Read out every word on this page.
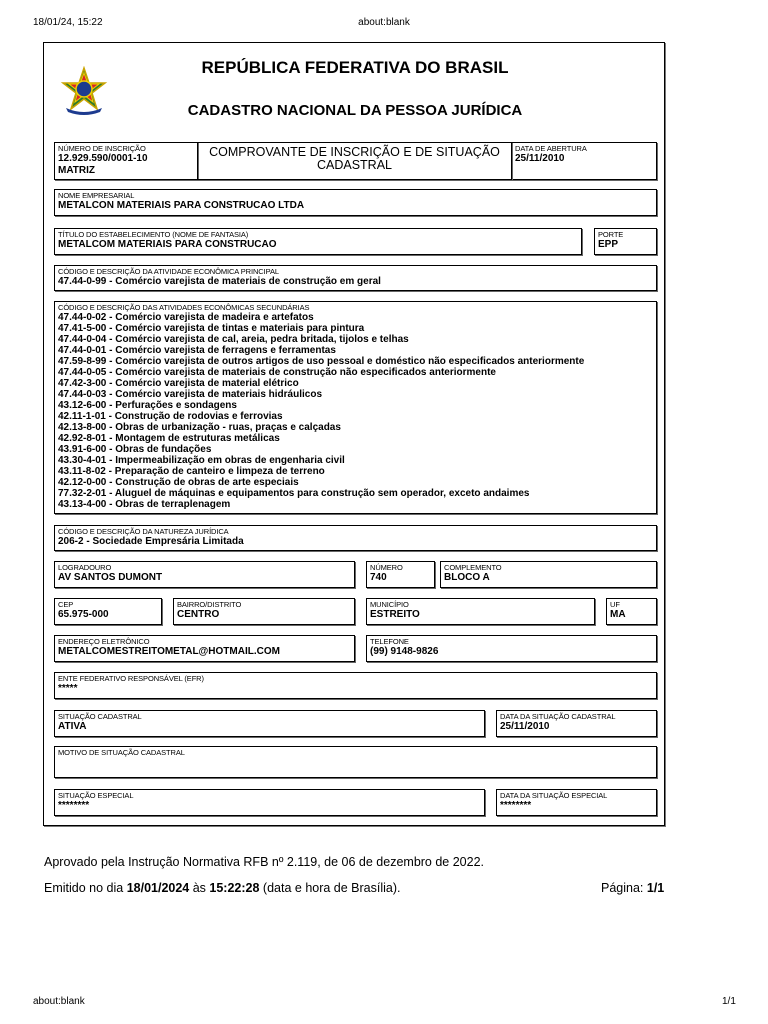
18/01/24, 15:22	about:blank
REPÚBLICA FEDERATIVA DO BRASIL
CADASTRO NACIONAL DA PESSOA JURÍDICA
NÚMERO DE INSCRIÇÃO
12.929.590/0001-10
MATRIZ
DATA DE ABERTURA
25/11/2010
NOME EMPRESARIAL
METALCON MATERIAIS PARA CONSTRUCAO LTDA
TÍTULO DO ESTABELECIMENTO (NOME DE FANTASIA)
METALCOM MATERIAIS PARA CONSTRUCAO
PORTE
EPP
CÓDIGO E DESCRIÇÃO DA ATIVIDADE ECONÔMICA PRINCIPAL
47.44-0-99 - Comércio varejista de materiais de construção em geral
CÓDIGO E DESCRIÇÃO DA NATUREZA JURÍDICA
206-2 - Sociedade Empresária Limitada
LOGRADOURO
AV SANTOS DUMONT
NÚMERO
740
COMPLEMENTO
BLOCO A
CEP
65.975-000
BAIRRO/DISTRITO
CENTRO
MUNICÍPIO
ESTREITO
UF
MA
ENDEREÇO ELETRÔNICO
METALCOMESTREITOMETAL@HOTMAIL.COM
TELEFONE
(99) 9148-9826
ENTE FEDERATIVO RESPONSÁVEL (EFR)
*****
SITUAÇÃO CADASTRAL
ATIVA
DATA DA SITUAÇÃO CADASTRAL
25/11/2010
MOTIVO DE SITUAÇÃO CADASTRAL
SITUAÇÃO ESPECIAL
********
DATA DA SITUAÇÃO ESPECIAL
********
COMPROVANTE DE INSCRIÇÃO E DE SITUAÇÃO CADASTRAL
CÓDIGO E DESCRIÇÃO DAS ATIVIDADES ECONÔMICAS SECUNDÁRIAS
47.44-0-02 - Comércio varejista de madeira e artefatos
47.41-5-00 - Comércio varejista de tintas e materiais para pintura
47.44-0-04 - Comércio varejista de cal, areia, pedra britada, tijolos e telhas
47.44-0-01 - Comércio varejista de ferragens e ferramentas
47.59-8-99 - Comércio varejista de outros artigos de uso pessoal e doméstico não especificados anteriormente
47.44-0-05 - Comércio varejista de materiais de construção não especificados anteriormente
47.42-3-00 - Comércio varejista de material elétrico
47.44-0-03 - Comércio varejista de materiais hidráulicos
43.12-6-00 - Perfurações e sondagens
42.11-1-01 - Construção de rodovias e ferrovias
42.13-8-00 - Obras de urbanização - ruas, praças e calçadas
42.92-8-01 - Montagem de estruturas metálicas
43.91-6-00 - Obras de fundações
43.30-4-01 - Impermeabilização em obras de engenharia civil
43.11-8-02 - Preparação de canteiro e limpeza de terreno
42.12-0-00 - Construção de obras de arte especiais
77.32-2-01 - Aluguel de máquinas e equipamentos para construção sem operador, exceto andaimes
43.13-4-00 - Obras de terraplenagem
Aprovado pela Instrução Normativa RFB nº 2.119, de 06 de dezembro de 2022.
Emitido no dia 18/01/2024 às 15:22:28 (data e hora de Brasília).	Página: 1/1
about:blank	1/1
